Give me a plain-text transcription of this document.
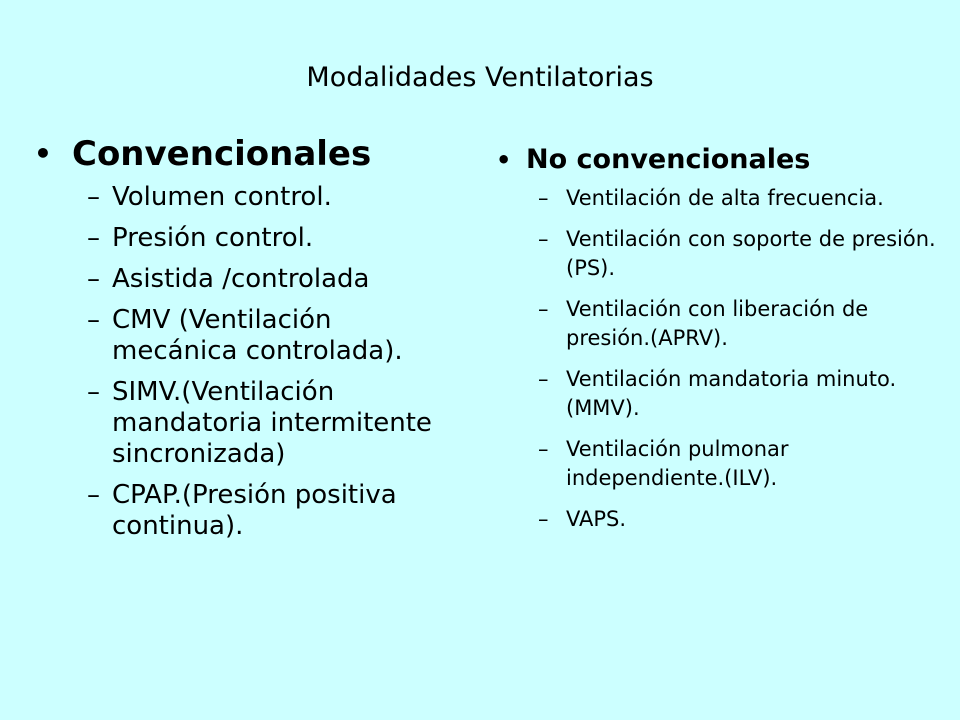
Modalidades Ventilatorias
• Convencionales
– Volumen control.
– Presión control.
– Asistida /controlada
– CMV (Ventilación mecánica controlada).
– SIMV.(Ventilación mandatoria intermitente sincronizada)
– CPAP.(Presión positiva continua).
• No convencionales
– Ventilación de alta frecuencia.
– Ventilación con soporte de presión.(PS).
– Ventilación con liberación de presión.(APRV).
– Ventilación mandatoria minuto.(MMV).
– Ventilación pulmonar independiente.(ILV).
– VAPS.
